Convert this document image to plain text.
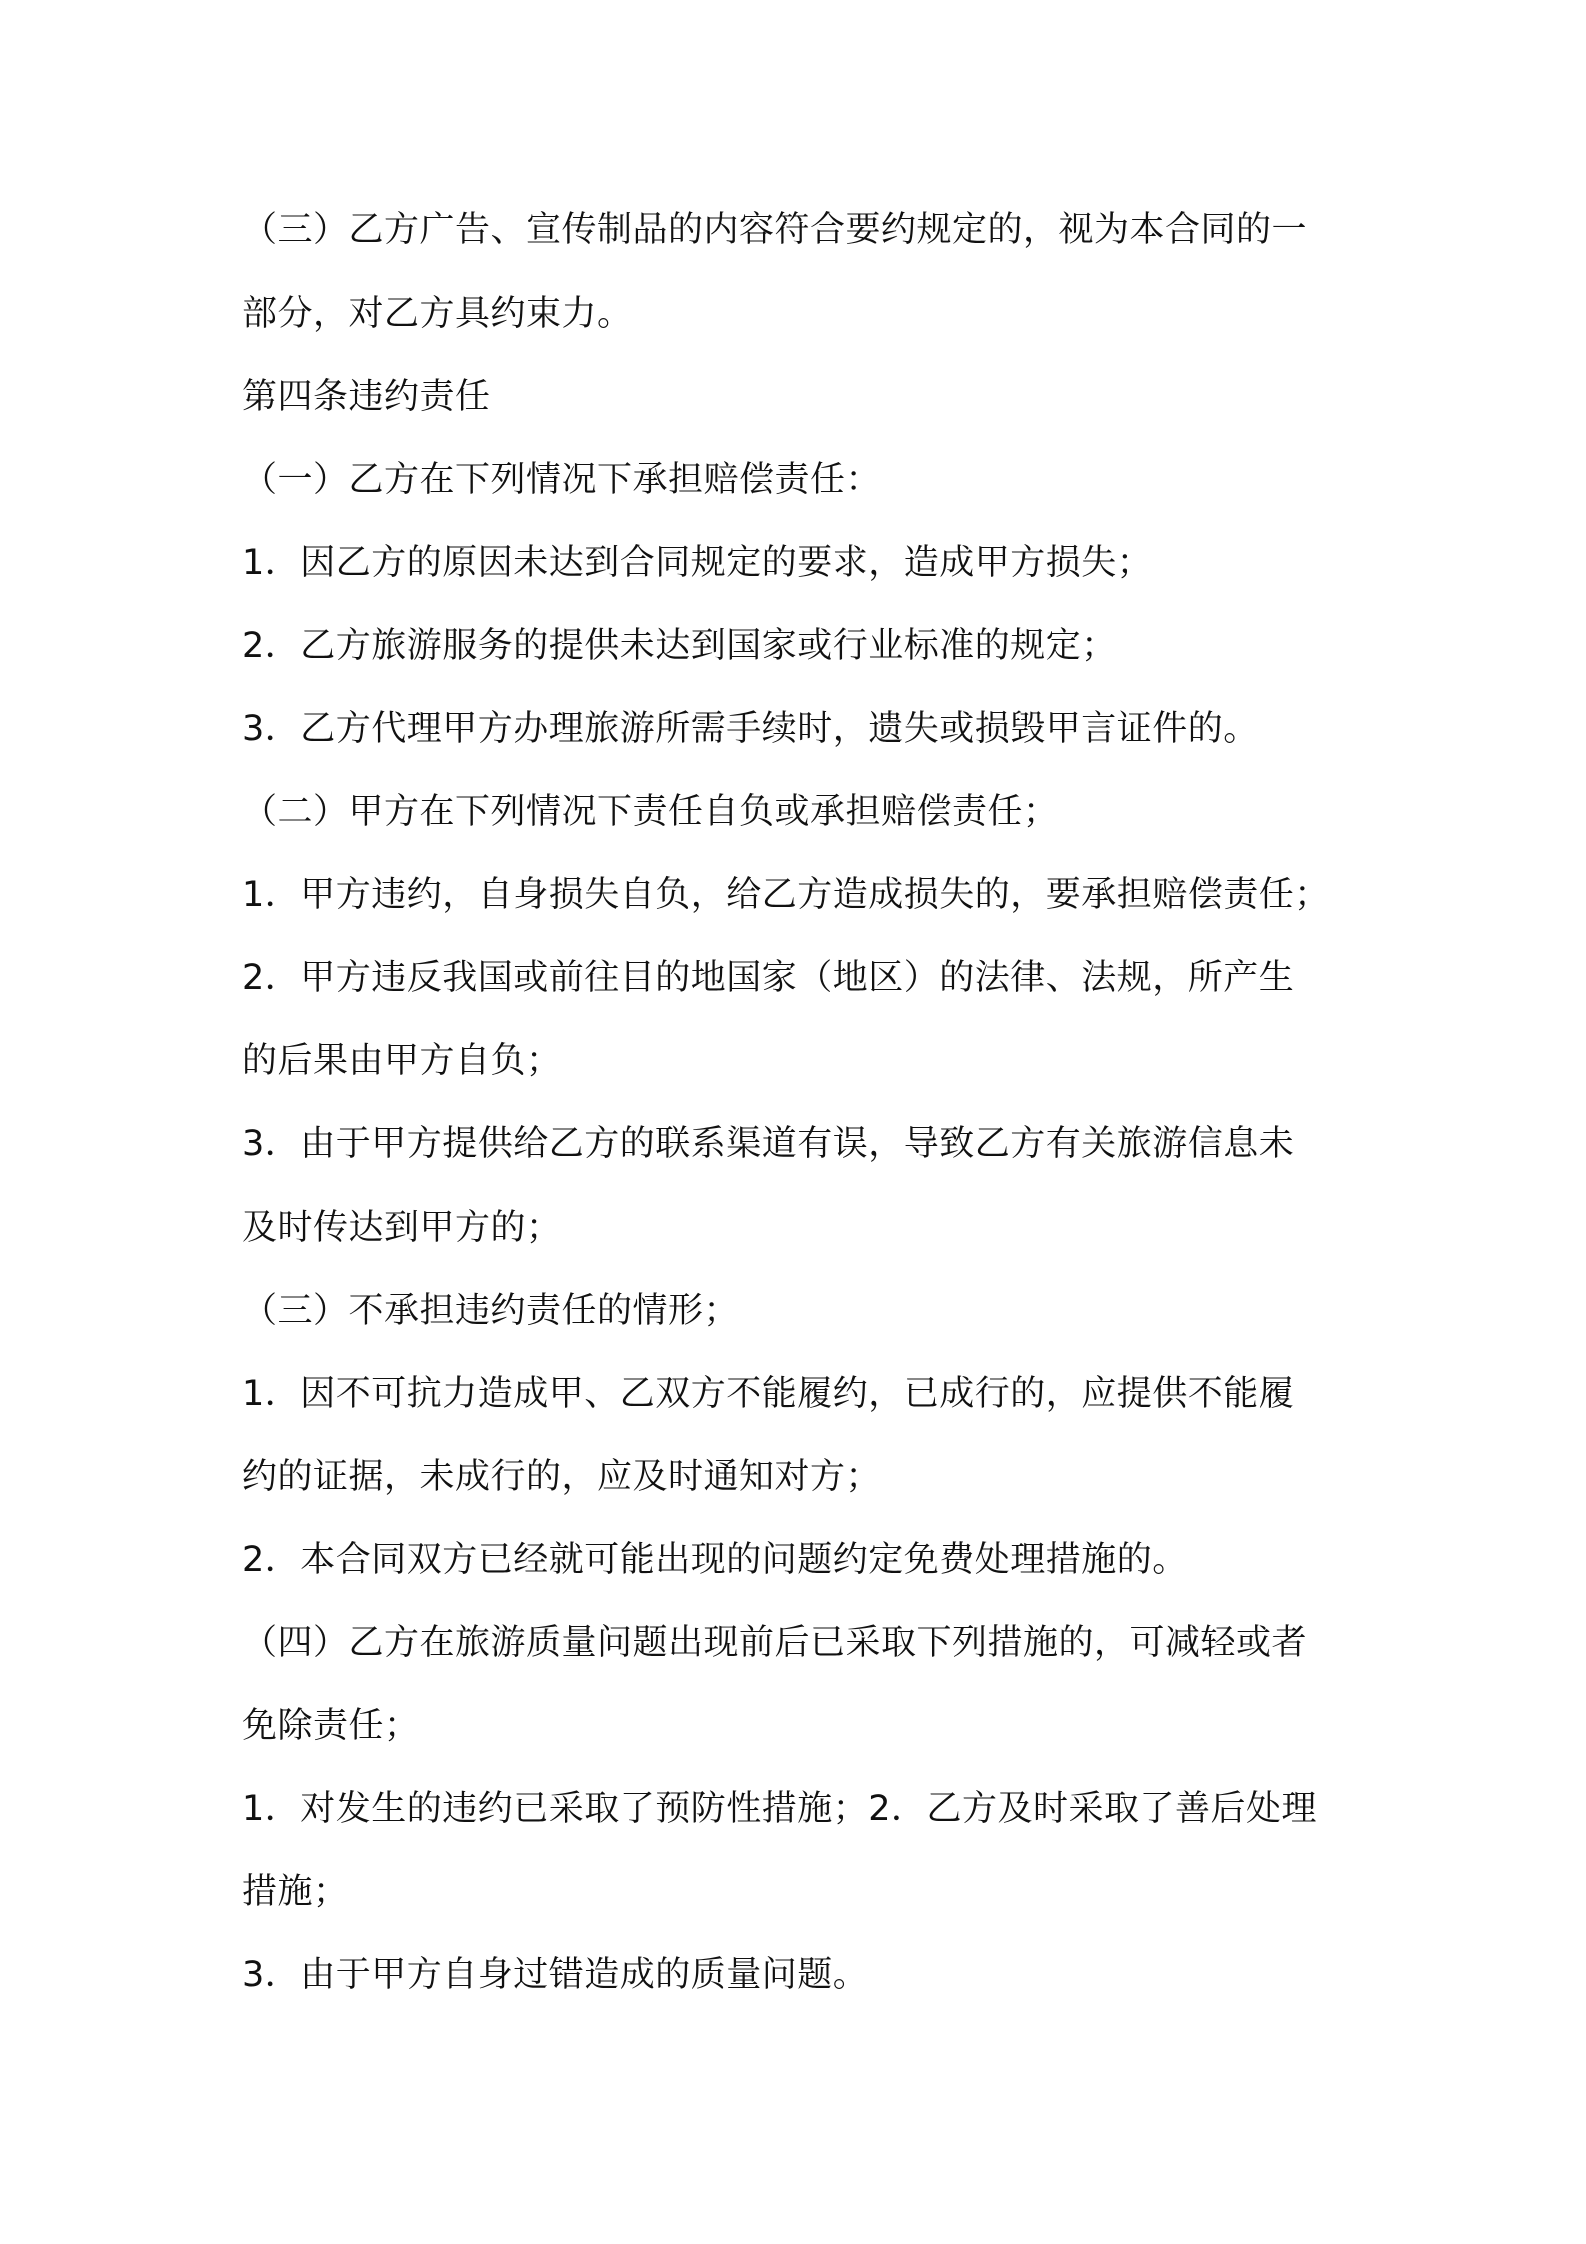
（三）乙方广告、宣传制品的内容符合要约规定的，视为本合同的一
部分，对乙方具约束力。
第四条违约责任
（一）乙方在下列情况下承担赔偿责任：
1．因乙方的原因未达到合同规定的要求，造成甲方损失；
2．乙方旅游服务的提供未达到国家或行业标准的规定；
3．乙方代理甲方办理旅游所需手续时，遗失或损毁甲言证件的。
（二）甲方在下列情况下责任自负或承担赔偿责任；
1．甲方违约，自身损失自负，给乙方造成损失的，要承担赔偿责任；
2．甲方违反我国或前往目的地国家（地区）的法律、法规，所产生
的后果由甲方自负；
3．由于甲方提供给乙方的联系渠道有误，导致乙方有关旅游信息未
及时传达到甲方的；
（三）不承担违约责任的情形；
1．因不可抗力造成甲、乙双方不能履约，已成行的，应提供不能履
约的证据，未成行的，应及时通知对方；
2．本合同双方已经就可能出现的问题约定免费处理措施的。
（四）乙方在旅游质量问题出现前后已采取下列措施的，可减轻或者
免除责任；
1．对发生的违约已采取了预防性措施；2．乙方及时采取了善后处理
措施；
3．由于甲方自身过错造成的质量问题。
